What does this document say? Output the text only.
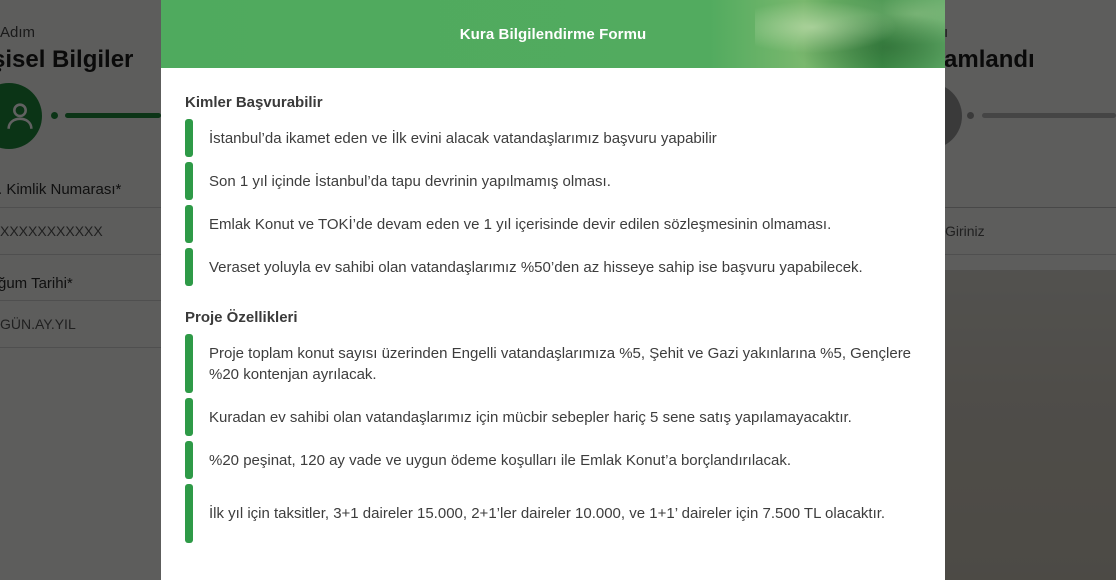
Kura Bilgilendirme Formu
Kimler Başvurabilir
İstanbul’da ikamet eden ve İlk evini alacak vatandaşlarımız başvuru yapabilir
Son 1 yıl içinde İstanbul’da tapu devrinin yapılmamış olması.
Emlak Konut ve TOKİ’de devam eden ve 1 yıl içerisinde devir edilen sözleşmesinin olmaması.
Veraset yoluyla ev sahibi olan vatandaşlarımız %50’den az hisseye sahip ise başvuru yapabilecek.
Proje Özellikleri
Proje toplam konut sayısı üzerinden Engelli vatandaşlarımıza %5, Şehit ve Gazi yakınlarına %5, Gençlere %20 kontenjan ayrılacak.
Kuradan ev sahibi olan vatandaşlarımız için mücbir sebepler hariç 5 sene satış yapılamayacaktır.
%20 peşinat, 120 ay vade ve uygun ödeme koşulları ile Emlak Konut’a borçlandırılacak.
İlk yıl için taksitler, 3+1 daireler 15.000, 2+1’ler daireler 10.000, ve 1+1’ daireler için 7.500 TL olacaktır.
